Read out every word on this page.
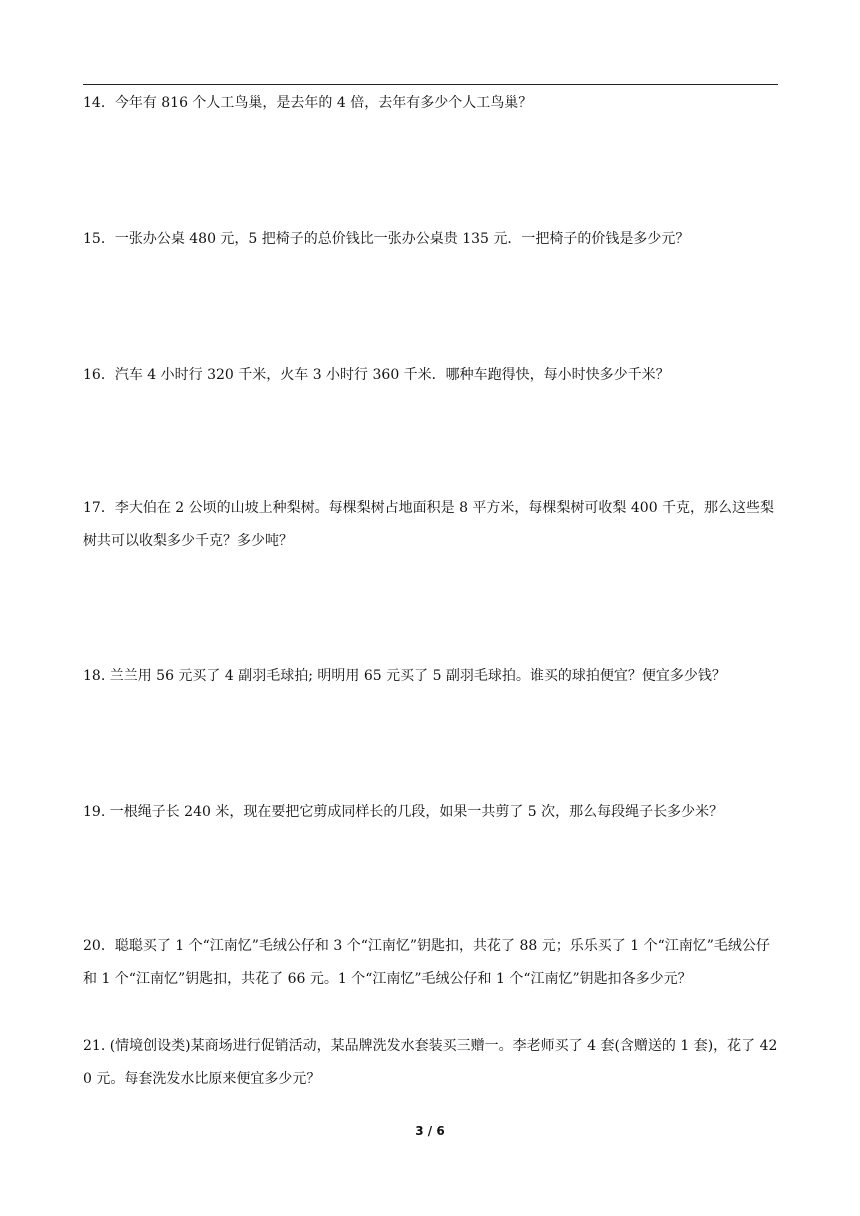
14．今年有 816 个人工鸟巢，是去年的 4 倍，去年有多少个人工鸟巢？

15．一张办公桌 480 元，5 把椅子的总价钱比一张办公桌贵 135 元．一把椅子的价钱是多少元？

16．汽车 4 小时行 320 千米，火车 3 小时行 360 千米．哪种车跑得快，每小时快多少千米？

17．李大伯在 2 公顷的山坡上种梨树。每棵梨树占地面积是 8 平方米，每棵梨树可收梨 400 千克，那么这些梨树共可以收梨多少千克？多少吨？

18. 兰兰用 56 元买了 4 副羽毛球拍; 明明用 65 元买了 5 副羽毛球拍。谁买的球拍便宜？便宜多少钱？

19. 一根绳子长 240 米，现在要把它剪成同样长的几段，如果一共剪了 5 次，那么每段绳子长多少米？

20．聪聪买了 1 个“江南忆”毛绒公仔和 3 个“江南忆”钥匙扣，共花了 88 元；乐乐买了 1 个“江南忆”毛绒公仔和 1 个“江南忆”钥匙扣，共花了 66 元。1 个“江南忆”毛绒公仔和 1 个“江南忆”钥匙扣各多少元？

21. (情境创设类)某商场进行促销活动，某品牌洗发水套装买三赠一。李老师买了 4 套(含赠送的 1 套)，花了 420 元。每套洗发水比原来便宜多少元？

3 / 6
